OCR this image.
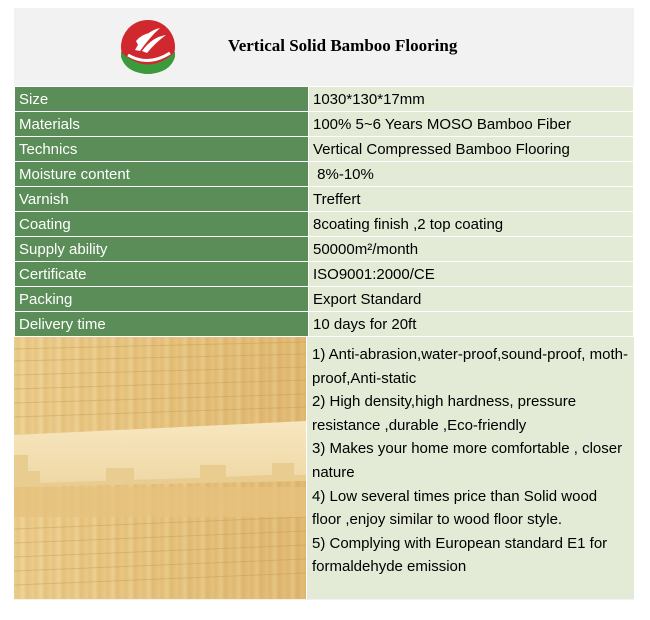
Vertical Solid Bamboo Flooring
Size	1030*130*17mm
Materials	100% 5~6 Years MOSO Bamboo Fiber
Technics	Vertical Compressed Bamboo Flooring
Moisture content	8%-10%
Varnish	Treffert
Coating	8coating finish ,2 top coating
Supply ability	50000m²/month
Certificate	ISO9001:2000/CE
Packing	Export Standard
Delivery time	10 days for 20ft

1) Anti-abrasion,water-proof,sound-proof, moth-proof,Anti-static

2) High density,high hardness, pressure resistance ,durable ,Eco-friendly

3) Makes your home more comfortable , closer nature

4) Low several times price than Solid wood floor ,enjoy similar to wood floor style.

5) Complying with European standard E1 for formaldehyde emission
